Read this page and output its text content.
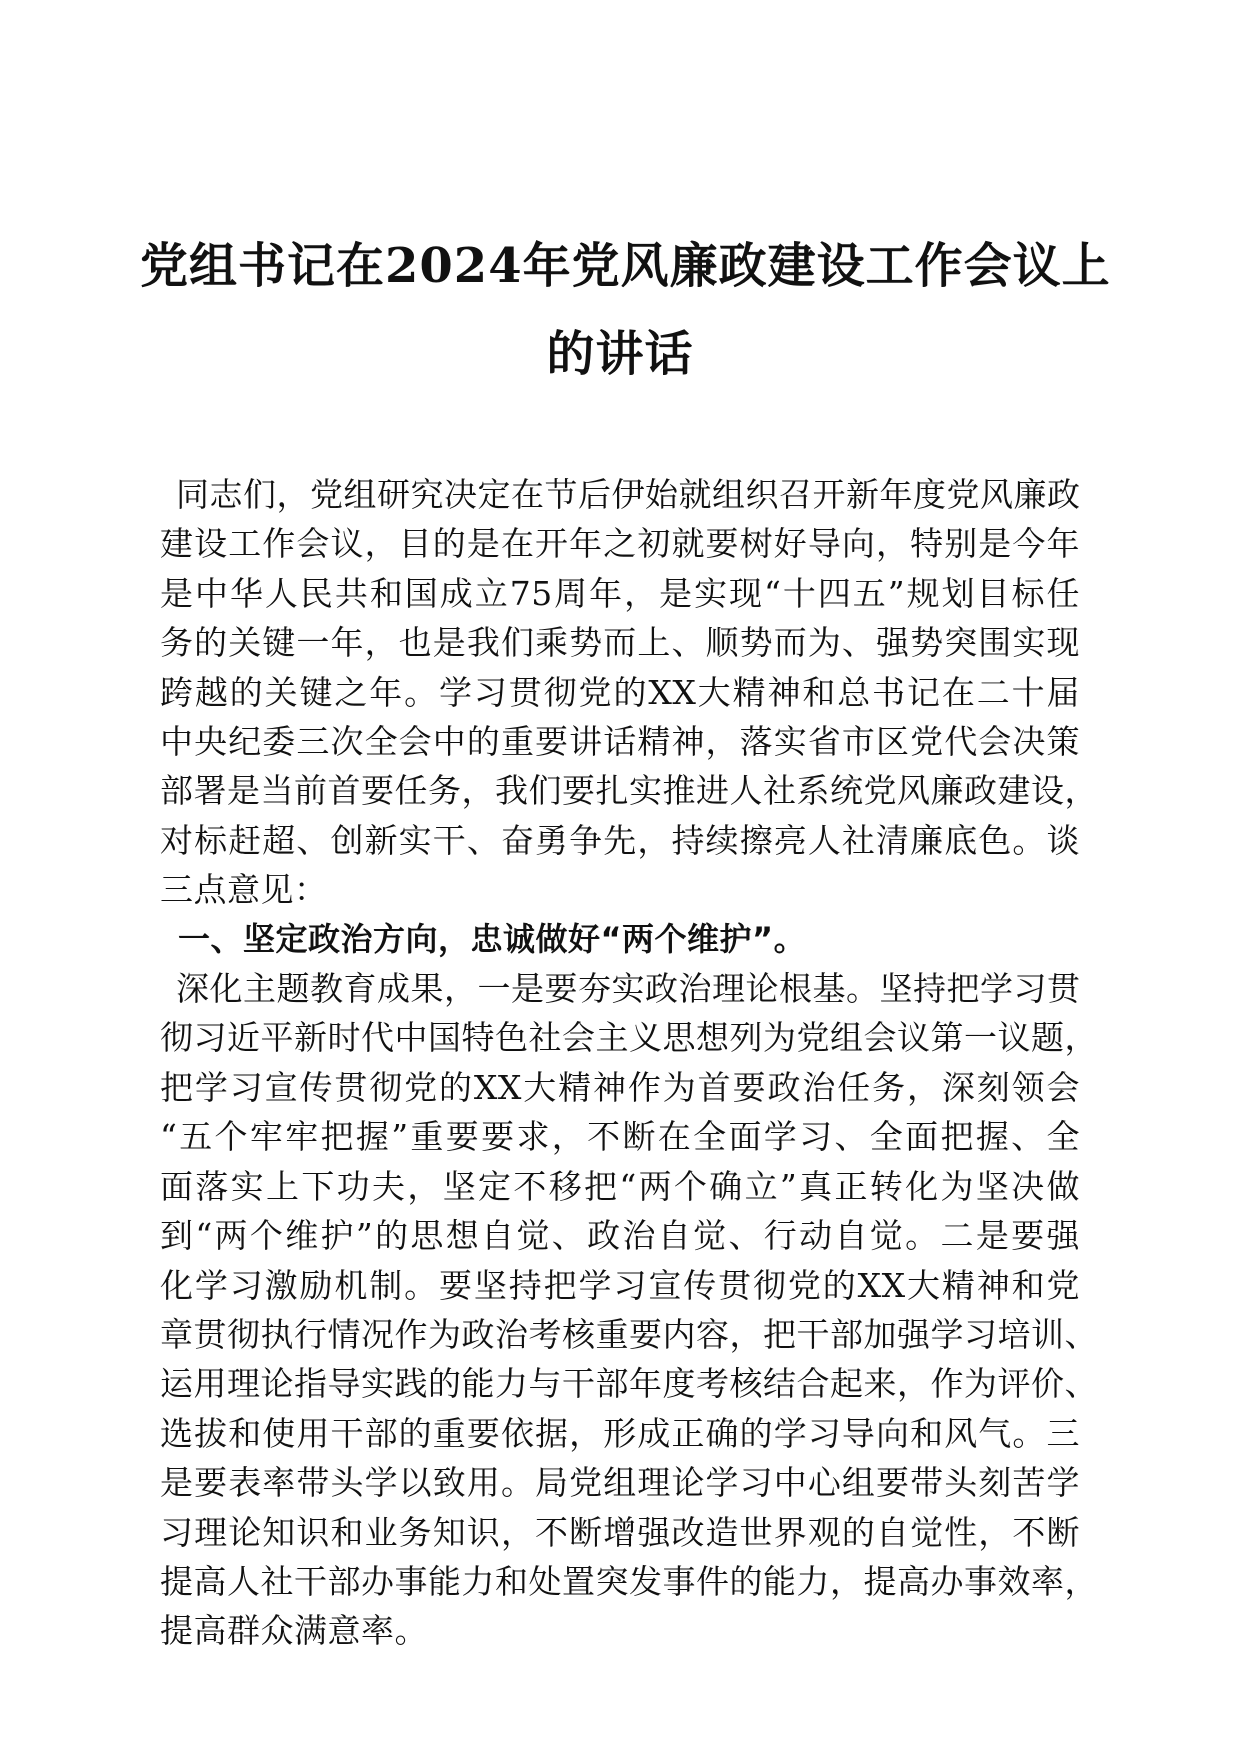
党组书记在2024年党风廉政建设工作会议上
的讲话
同志们，党组研究决定在节后伊始就组织召开新年度党风廉政
建设工作会议，目的是在开年之初就要树好导向，特别是今年
是中华人民共和国成立75周年，是实现“十四五”规划目标任
务的关键一年，也是我们乘势而上、顺势而为、强势突围实现
跨越的关键之年。学习贯彻党的XX大精神和总书记在二十届
中央纪委三次全会中的重要讲话精神，落实省市区党代会决策
部署是当前首要任务，我们要扎实推进人社系统党风廉政建设，
对标赶超、创新实干、奋勇争先，持续擦亮人社清廉底色。谈
三点意见：
一、坚定政治方向，忠诚做好“两个维护”。
深化主题教育成果，一是要夯实政治理论根基。坚持把学习贯
彻习近平新时代中国特色社会主义思想列为党组会议第一议题，
把学习宣传贯彻党的XX大精神作为首要政治任务，深刻领会
“五个牢牢把握”重要要求，不断在全面学习、全面把握、全
面落实上下功夫，坚定不移把“两个确立”真正转化为坚决做
到“两个维护”的思想自觉、政治自觉、行动自觉。二是要强
化学习激励机制。要坚持把学习宣传贯彻党的XX大精神和党
章贯彻执行情况作为政治考核重要内容，把干部加强学习培训、
运用理论指导实践的能力与干部年度考核结合起来，作为评价、
选拔和使用干部的重要依据，形成正确的学习导向和风气。三
是要表率带头学以致用。局党组理论学习中心组要带头刻苦学
习理论知识和业务知识，不断增强改造世界观的自觉性，不断
提高人社干部办事能力和处置突发事件的能力，提高办事效率，
提高群众满意率。
